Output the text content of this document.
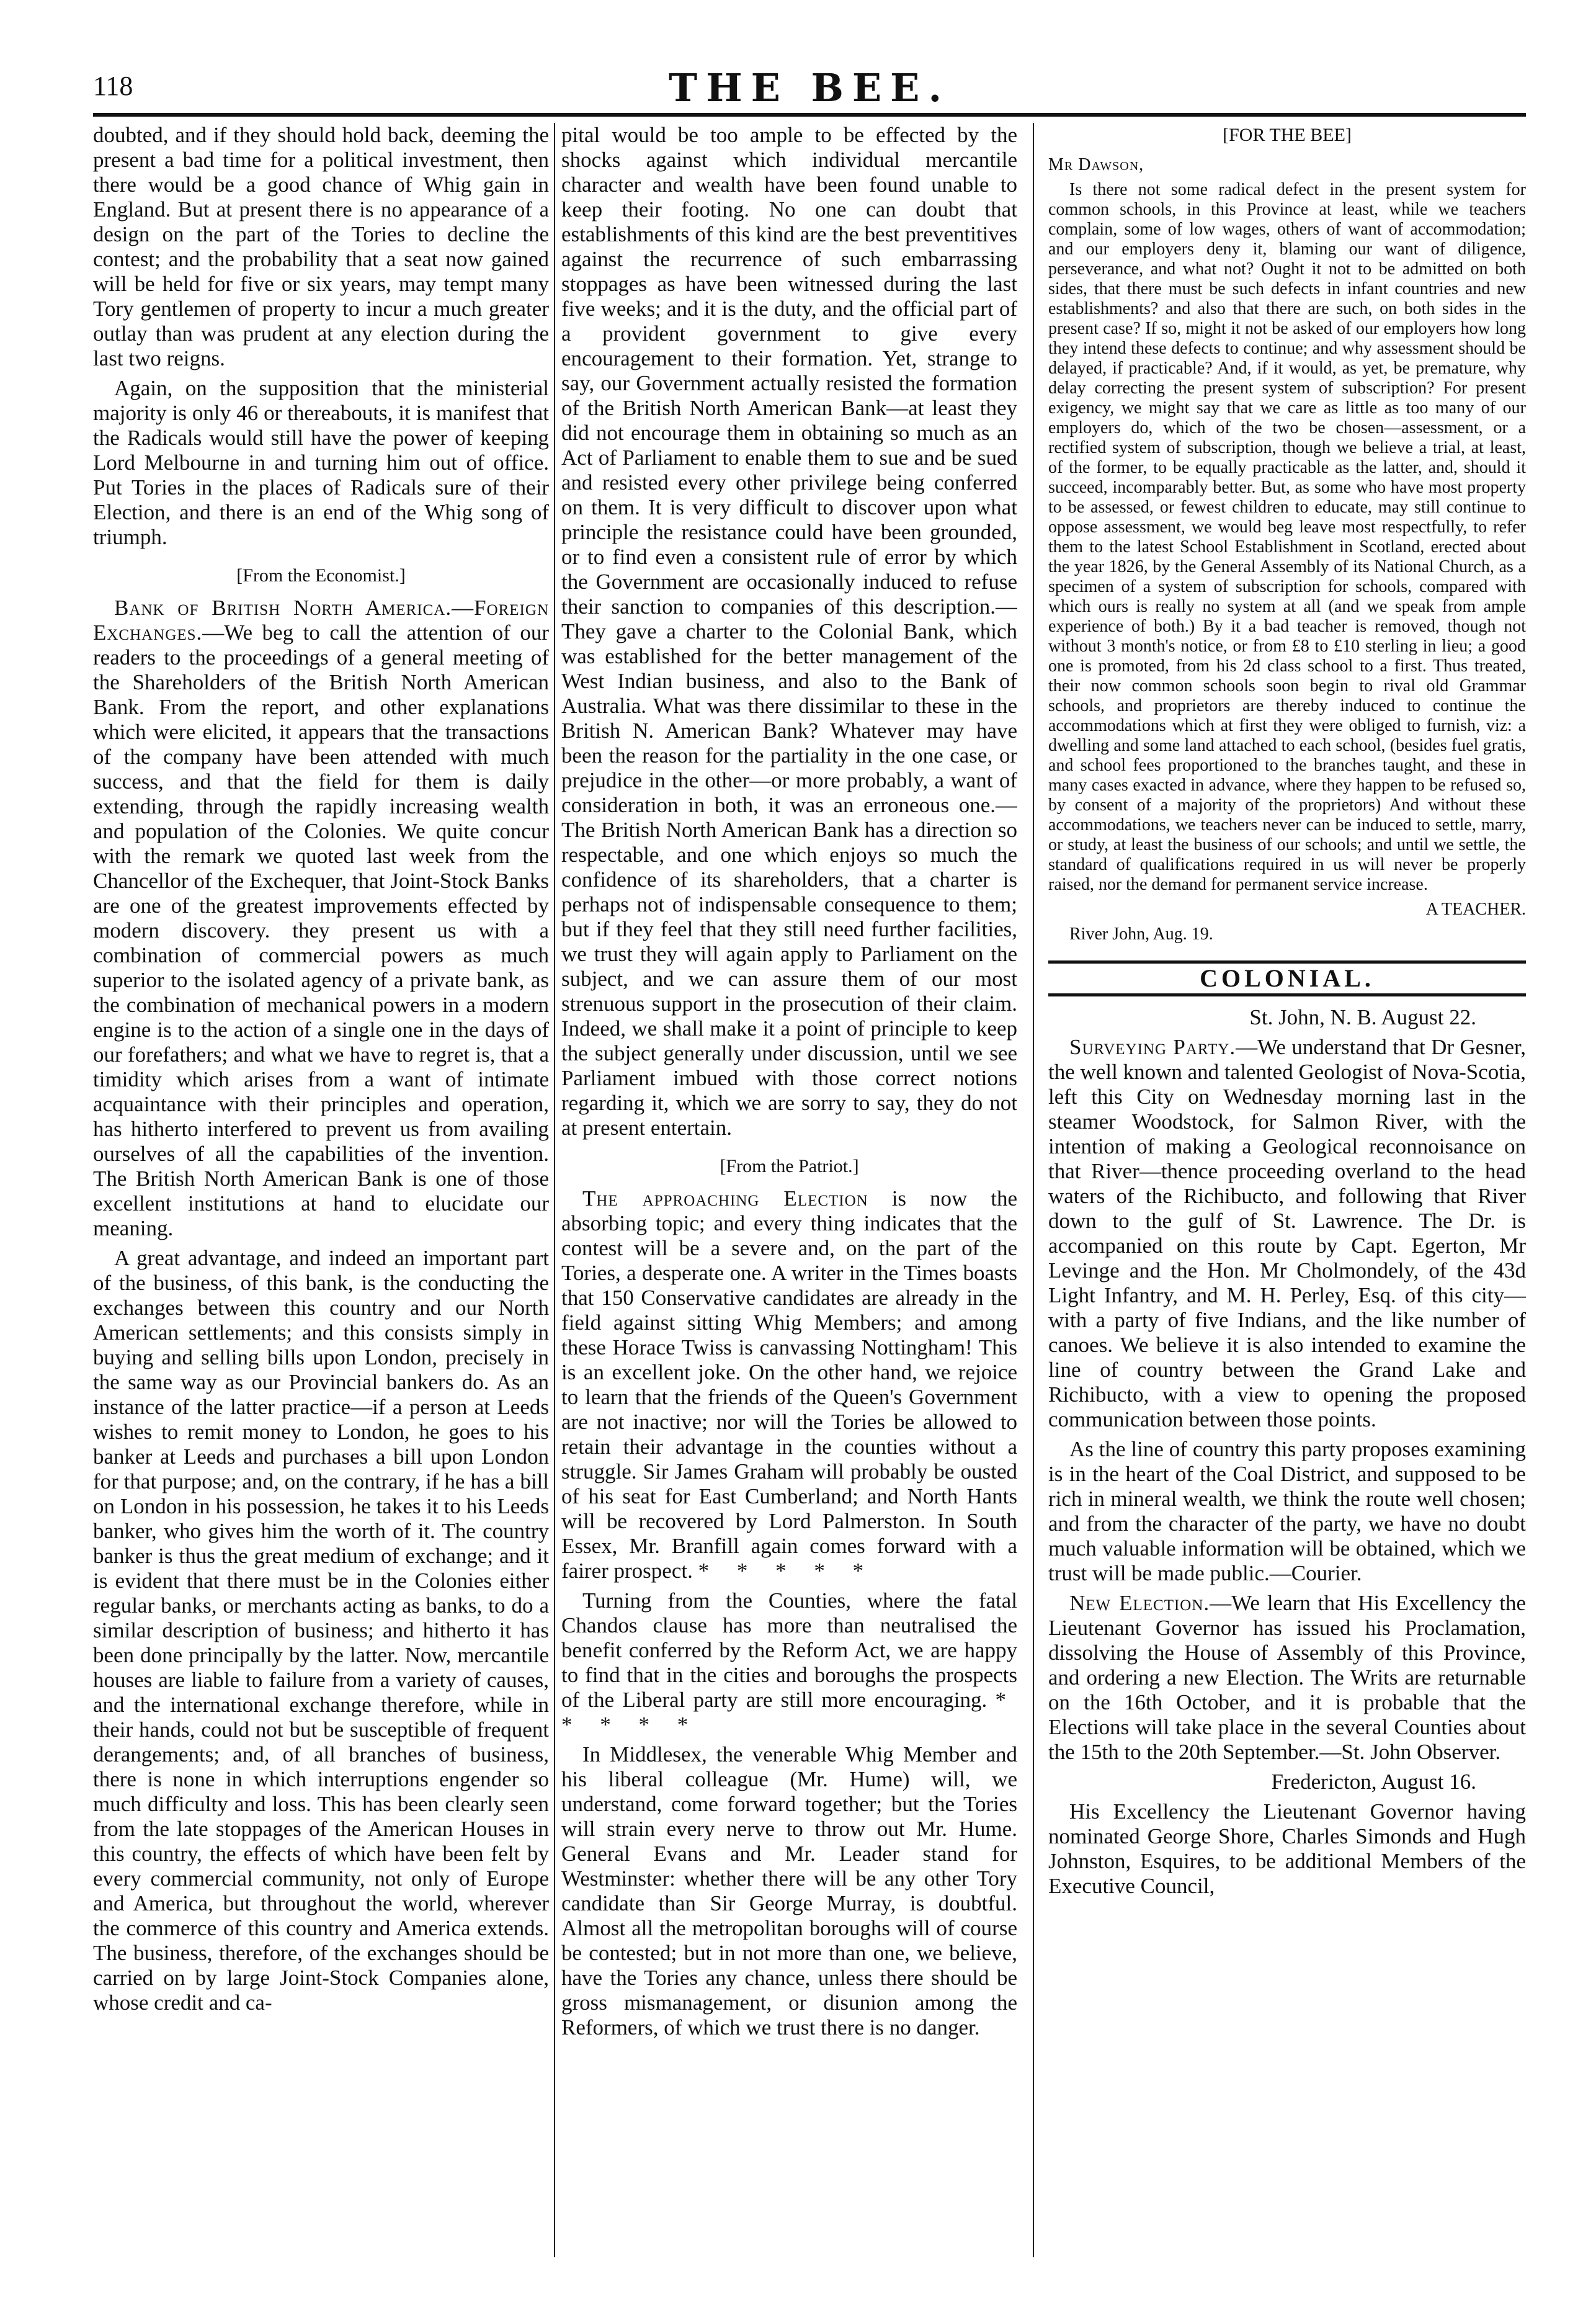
118	THE BEE.

doubted, and if they should hold back, deeming the present a bad time for a political investment, then there would be a good chance of Whig gain in England. But at present there is no appearance of a design on the part of the Tories to decline the contest; and the probability that a seat now gained will be held for five or six years, may tempt many Tory gentlemen of property to incur a much greater outlay than was prudent at any election during the last two reigns.

Again, on the supposition that the ministerial majority is only 46 or thereabouts, it is manifest that the Radicals would still have the power of keeping Lord Melbourne in and turning him out of office. Put Tories in the places of Radicals sure of their Election, and there is an end of the Whig song of triumph.

[From the Economist.]

Bank of British North America.—Foreign Exchanges.—We beg to call the attention of our readers to the proceedings of a general meeting of the Shareholders of the British North American Bank. From the report, and other explanations which were elicited, it appears that the transactions of the company have been attended with much success, and that the field for them is daily extending, through the rapidly increasing wealth and population of the Colonies. We quite concur with the remark we quoted last week from the Chancellor of the Exchequer, that Joint-Stock Banks are one of the greatest improvements effected by modern discovery. they present us with a combination of commercial powers as much superior to the isolated agency of a private bank, as the combination of mechanical powers in a modern engine is to the action of a single one in the days of our forefathers; and what we have to regret is, that a timidity which arises from a want of intimate acquaintance with their principles and operation, has hitherto interfered to prevent us from availing ourselves of all the capabilities of the invention. The British North American Bank is one of those excellent institutions at hand to elucidate our meaning.

A great advantage, and indeed an important part of the business, of this bank, is the conducting the exchanges between this country and our North American settlements; and this consists simply in buying and selling bills upon London, precisely in the same way as our Provincial bankers do. As an instance of the latter practice—if a person at Leeds wishes to remit money to London, he goes to his banker at Leeds and purchases a bill upon London for that purpose; and, on the contrary, if he has a bill on London in his possession, he takes it to his Leeds banker, who gives him the worth of it. The country banker is thus the great medium of exchange; and it is evident that there must be in the Colonies either regular banks, or merchants acting as banks, to do a similar description of business; and hitherto it has been done principally by the latter. Now, mercantile houses are liable to failure from a variety of causes, and the international exchange therefore, while in their hands, could not but be susceptible of frequent derangements; and, of all branches of business, there is none in which interruptions engender so much difficulty and loss. This has been clearly seen from the late stoppages of the American Houses in this country, the effects of which have been felt by every commercial community, not only of Europe and America, but throughout the world, wherever the commerce of this country and America extends. The business, therefore, of the exchanges should be carried on by large Joint-Stock Companies alone, whose credit and ca-

pital would be too ample to be effected by the shocks against which individual mercantile character and wealth have been found unable to keep their footing. No one can doubt that establishments of this kind are the best preventitives against the recurrence of such embarrassing stoppages as have been witnessed during the last five weeks; and it is the duty, and the official part of a provident government to give every encouragement to their formation. Yet, strange to say, our Government actually resisted the formation of the British North American Bank—at least they did not encourage them in obtaining so much as an Act of Parliament to enable them to sue and be sued and resisted every other privilege being conferred on them. It is very difficult to discover upon what principle the resistance could have been grounded, or to find even a consistent rule of error by which the Government are occasionally induced to refuse their sanction to companies of this description.—They gave a charter to the Colonial Bank, which was established for the better management of the West Indian business, and also to the Bank of Australia. What was there dissimilar to these in the British N. American Bank? Whatever may have been the reason for the partiality in the one case, or prejudice in the other—or more probably, a want of consideration in both, it was an erroneous one.—The British North American Bank has a direction so respectable, and one which enjoys so much the confidence of its shareholders, that a charter is perhaps not of indispensable consequence to them; but if they feel that they still need further facilities, we trust they will again apply to Parliament on the subject, and we can assure them of our most strenuous support in the prosecution of their claim. Indeed, we shall make it a point of principle to keep the subject generally under discussion, until we see Parliament imbued with those correct notions regarding it, which we are sorry to say, they do not at present entertain.

[From the Patriot.]

The approaching Election is now the absorbing topic; and every thing indicates that the contest will be a severe and, on the part of the Tories, a desperate one. A writer in the Times boasts that 150 Conservative candidates are already in the field against sitting Whig Members; and among these Horace Twiss is canvassing Nottingham! This is an excellent joke. On the other hand, we rejoice to learn that the friends of the Queen's Government are not inactive; nor will the Tories be allowed to retain their advantage in the counties without a struggle. Sir James Graham will probably be ousted of his seat for East Cumberland; and North Hants will be recovered by Lord Palmerston. In South Essex, Mr. Branfill again comes forward with a fairer prospect. * * * * *

Turning from the Counties, where the fatal Chandos clause has more than neutralised the benefit conferred by the Reform Act, we are happy to find that in the cities and boroughs the prospects of the Liberal party are still more encouraging. * * * * *

In Middlesex, the venerable Whig Member and his liberal colleague (Mr. Hume) will, we understand, come forward together; but the Tories will strain every nerve to throw out Mr. Hume. General Evans and Mr. Leader stand for Westminster: whether there will be any other Tory candidate than Sir George Murray, is doubtful. Almost all the metropolitan boroughs will of course be contested; but in not more than one, we believe, have the Tories any chance, unless there should be gross mismanagement, or disunion among the Reformers, of which we trust there is no danger.

[FOR THE BEE]

Mr Dawson,

Is there not some radical defect in the present system for common schools, in this Province at least, while we teachers complain, some of low wages, others of want of accommodation; and our employers deny it, blaming our want of diligence, perseverance, and what not? Ought it not to be admitted on both sides, that there must be such defects in infant countries and new establishments? and also that there are such, on both sides in the present case? If so, might it not be asked of our employers how long they intend these defects to continue; and why assessment should be delayed, if practicable? And, if it would, as yet, be premature, why delay correcting the present system of subscription? For present exigency, we might say that we care as little as too many of our employers do, which of the two be chosen—assessment, or a rectified system of subscription, though we believe a trial, at least, of the former, to be equally practicable as the latter, and, should it succeed, incomparably better. But, as some who have most property to be assessed, or fewest children to educate, may still continue to oppose assessment, we would beg leave most respectfully, to refer them to the latest School Establishment in Scotland, erected about the year 1826, by the General Assembly of its National Church, as a specimen of a system of subscription for schools, compared with which ours is really no system at all (and we speak from ample experience of both.) By it a bad teacher is removed, though not without 3 month's notice, or from £8 to £10 sterling in lieu; a good one is promoted, from his 2d class school to a first. Thus treated, their now common schools soon begin to rival old Grammar schools, and proprietors are thereby induced to continue the accommodations which at first they were obliged to furnish, viz: a dwelling and some land attached to each school, (besides fuel gratis, and school fees proportioned to the branches taught, and these in many cases exacted in advance, where they happen to be refused so, by consent of a majority of the proprietors) And without these accommodations, we teachers never can be induced to settle, marry, or study, at least the business of our schools; and until we settle, the standard of qualifications required in us will never be properly raised, nor the demand for permanent service increase.

A TEACHER.

River John, Aug. 19.

COLONIAL.

St. John, N. B. August 22.

Surveying Party.—We understand that Dr Gesner, the well known and talented Geologist of Nova-Scotia, left this City on Wednesday morning last in the steamer Woodstock, for Salmon River, with the intention of making a Geological reconnoisance on that River—thence proceeding overland to the head waters of the Richibucto, and following that River down to the gulf of St. Lawrence. The Dr. is accompanied on this route by Capt. Egerton, Mr Levinge and the Hon. Mr Cholmondely, of the 43d Light Infantry, and M. H. Perley, Esq. of this city—with a party of five Indians, and the like number of canoes. We believe it is also intended to examine the line of country between the Grand Lake and Richibucto, with a view to opening the proposed communication between those points.

As the line of country this party proposes examining is in the heart of the Coal District, and supposed to be rich in mineral wealth, we think the route well chosen; and from the character of the party, we have no doubt much valuable information will be obtained, which we trust will be made public.—Courier.

New Election.—We learn that His Excellency the Lieutenant Governor has issued his Proclamation, dissolving the House of Assembly of this Province, and ordering a new Election. The Writs are returnable on the 16th October, and it is probable that the Elections will take place in the several Counties about the 15th to the 20th September.—St. John Observer.

Fredericton, August 16.

His Excellency the Lieutenant Governor having nominated George Shore, Charles Simonds and Hugh Johnston, Esquires, to be additional Members of the Executive Council,
